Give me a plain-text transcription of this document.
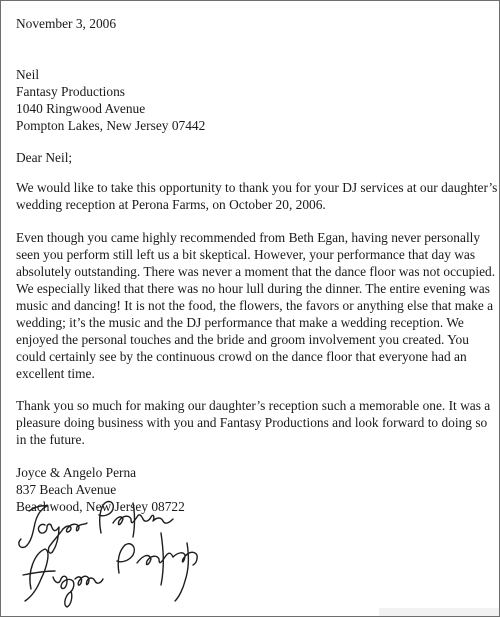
November 3, 2006
Neil
Fantasy Productions
1040 Ringwood Avenue
Pompton Lakes, New Jersey 07442
Dear Neil;
We would like to take this opportunity to thank you for your DJ services at our daughter’s
wedding reception at Perona Farms, on October 20, 2006.
Even though you came highly recommended from Beth Egan, having never personally
seen you perform still left us a bit skeptical. However, your performance that day was
absolutely outstanding. There was never a moment that the dance floor was not occupied.
We especially liked that there was no hour lull during the dinner. The entire evening was
music and dancing! It is not the food, the flowers, the favors or anything else that make a
wedding; it’s the music and the DJ performance that make a wedding reception. We
enjoyed the personal touches and the bride and groom involvement you created. You
could certainly see by the continuous crowd on the dance floor that everyone had an
excellent time.
Thank you so much for making our daughter’s reception such a memorable one. It was a
pleasure doing business with you and Fantasy Productions and look forward to doing so
in the future.
Joyce & Angelo Perna
837 Beach Avenue
Beachwood, New Jersey 08722
